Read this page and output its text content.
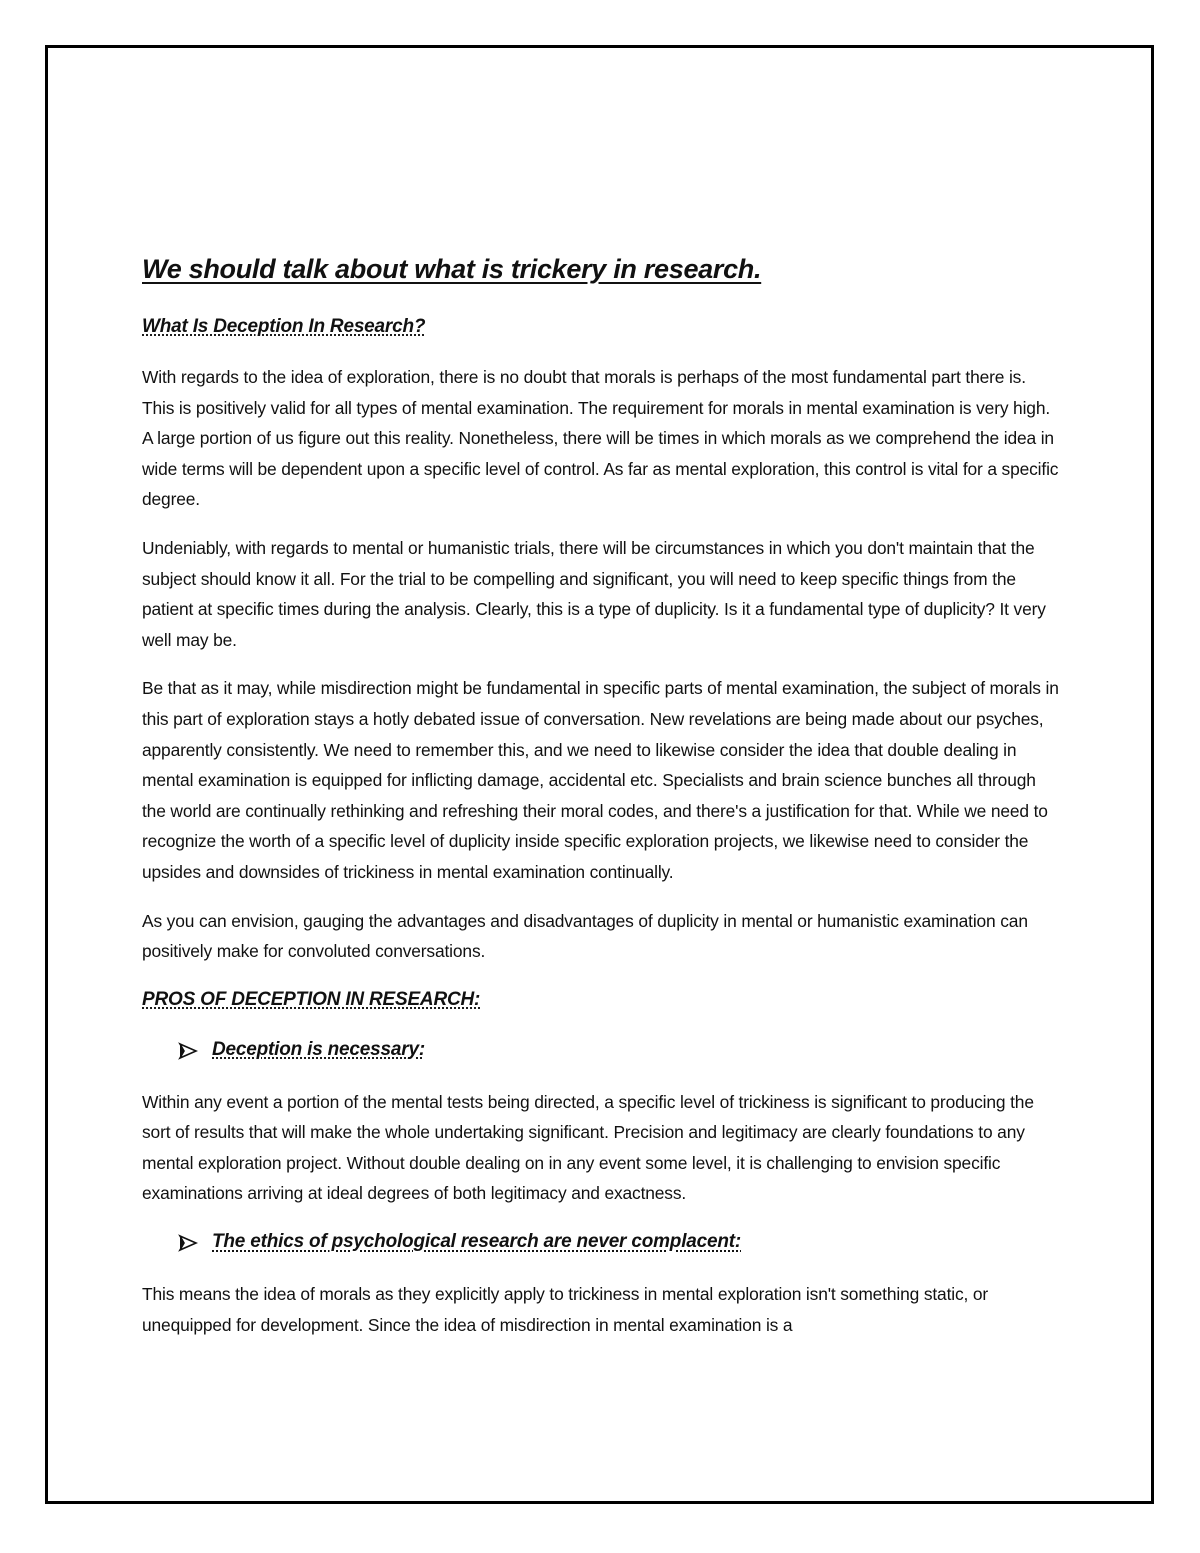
We should talk about what is trickery in research.
What Is Deception In Research?

With regards to the idea of exploration, there is no doubt that morals is perhaps of the most fundamental part there is. This is positively valid for all types of mental examination. The requirement for morals in mental examination is very high. A large portion of us figure out this reality. Nonetheless, there will be times in which morals as we comprehend the idea in wide terms will be dependent upon a specific level of control. As far as mental exploration, this control is vital for a specific degree.

Undeniably, with regards to mental or humanistic trials, there will be circumstances in which you don't maintain that the subject should know it all. For the trial to be compelling and significant, you will need to keep specific things from the patient at specific times during the analysis. Clearly, this is a type of duplicity. Is it a fundamental type of duplicity? It very well may be.

Be that as it may, while misdirection might be fundamental in specific parts of mental examination, the subject of morals in this part of exploration stays a hotly debated issue of conversation. New revelations are being made about our psyches, apparently consistently. We need to remember this, and we need to likewise consider the idea that double dealing in mental examination is equipped for inflicting damage, accidental etc. Specialists and brain science bunches all through the world are continually rethinking and refreshing their moral codes, and there's a justification for that. While we need to recognize the worth of a specific level of duplicity inside specific exploration projects, we likewise need to consider the upsides and downsides of trickiness in mental examination continually.

As you can envision, gauging the advantages and disadvantages of duplicity in mental or humanistic examination can positively make for convoluted conversations.

PROS OF DECEPTION IN RESEARCH:
Deception is necessary:

Within any event a portion of the mental tests being directed, a specific level of trickiness is significant to producing the sort of results that will make the whole undertaking significant. Precision and legitimacy are clearly foundations to any mental exploration project. Without double dealing on in any event some level, it is challenging to envision specific examinations arriving at ideal degrees of both legitimacy and exactness.

The ethics of psychological research are never complacent:

This means the idea of morals as they explicitly apply to trickiness in mental exploration isn't something static, or unequipped for development. Since the idea of misdirection in mental examination is a
